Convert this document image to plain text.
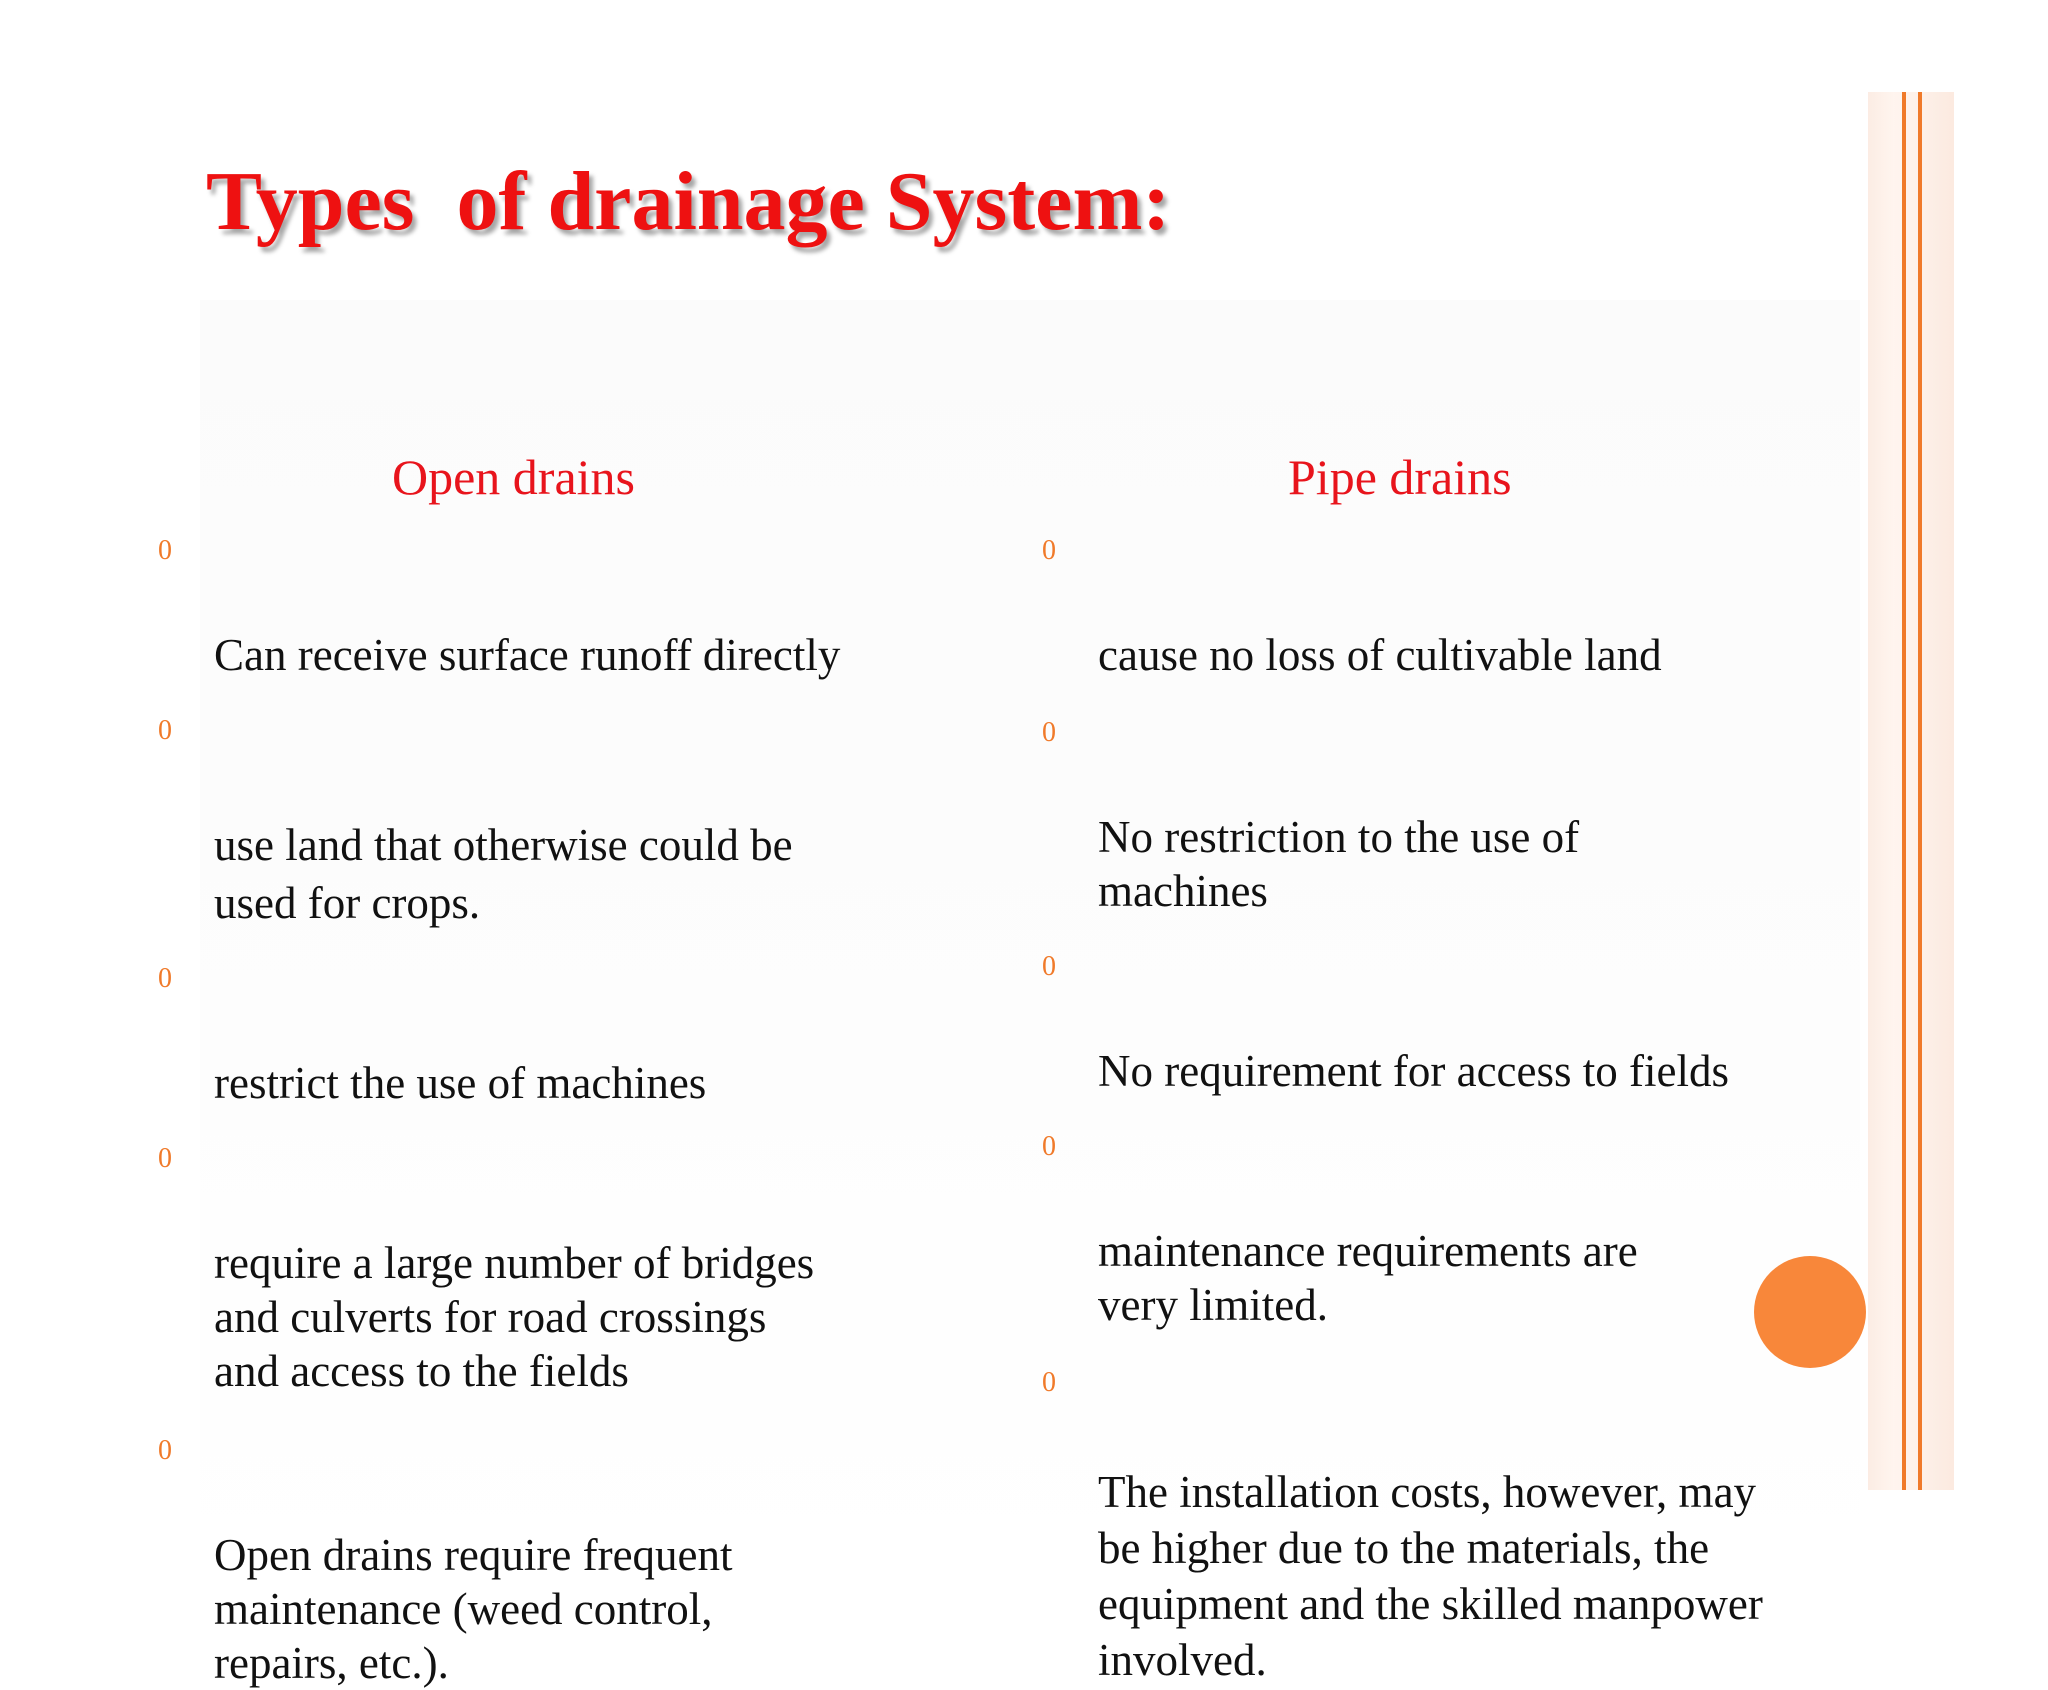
Types  of drainage System:
Open drains	Pipe drains

0

Can receive surface runoff directly

0

use land that otherwise could be
used for crops.

0

restrict the use of machines

0

require a large number of bridges
and culverts for road crossings
and access to the fields

0

Open drains require frequent
maintenance (weed control,
repairs, etc.).

0

cause no loss of cultivable land

0

No restriction to the use of
machines

0

No requirement for access to fields

0

maintenance requirements are
very limited.

0

The installation costs, however, may
be higher due to the materials, the
equipment and the skilled manpower
involved.
